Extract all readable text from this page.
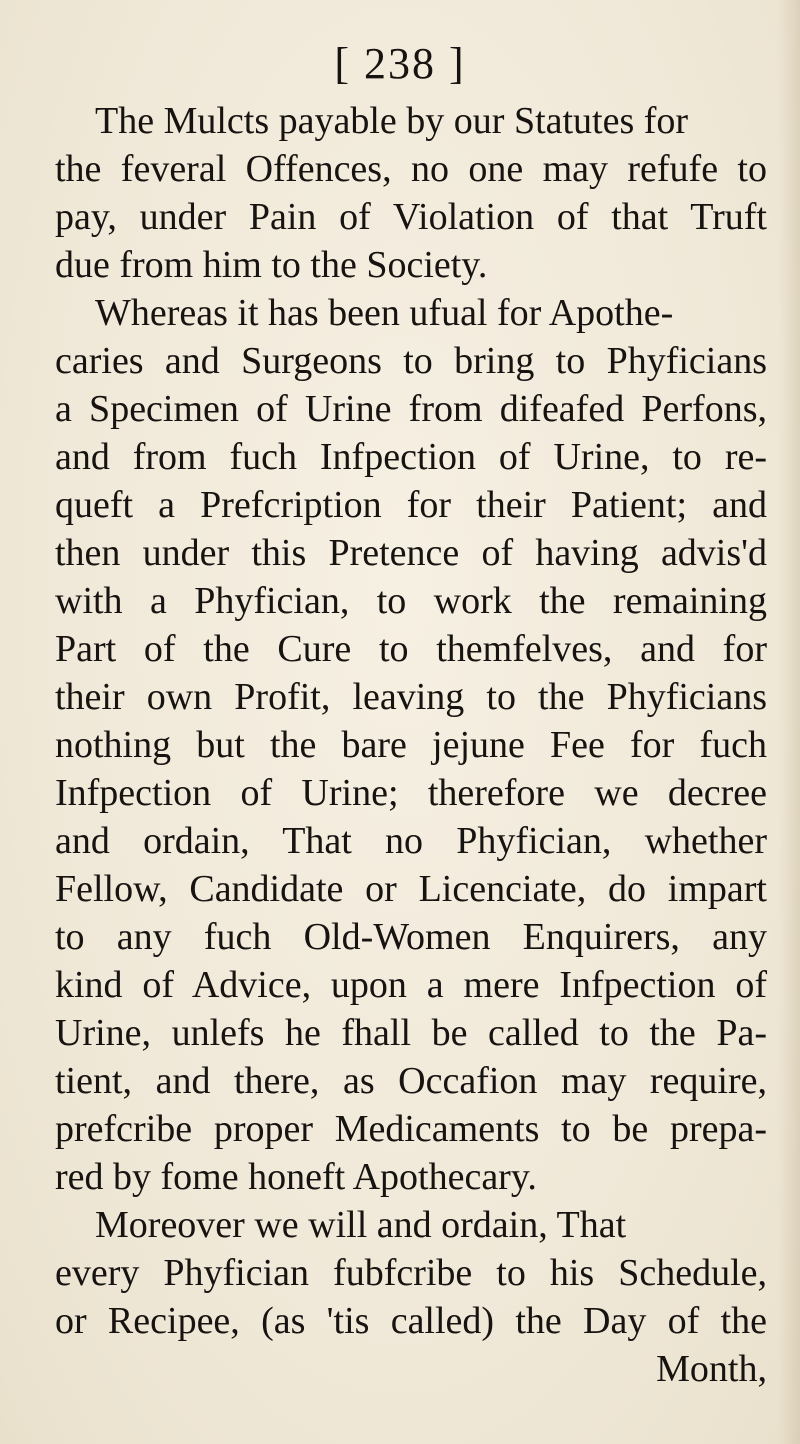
[ 238 ]
The Mulcts payable by our Statutes for
the feveral Offences, no one may refufe to
pay, under Pain of Violation of that Truft
due from him to the Society.
Whereas it has been ufual for Apothe-
caries and Surgeons to bring to Phyficians
a Specimen of Urine from difeafed Perfons,
and from fuch Infpection of Urine, to re-
queft a Prefcription for their Patient; and
then under this Pretence of having advis'd
with a Phyfician, to work the remaining
Part of the Cure to themfelves, and for
their own Profit, leaving to the Phyficians
nothing but the bare jejune Fee for fuch
Infpection of Urine; therefore we decree
and ordain, That no Phyfician, whether
Fellow, Candidate or Licenciate, do impart
to any fuch Old-Women Enquirers, any
kind of Advice, upon a mere Infpection of
Urine, unlefs he fhall be called to the Pa-
tient, and there, as Occafion may require,
prefcribe proper Medicaments to be prepa-
red by fome honeft Apothecary.
Moreover we will and ordain, That
every Phyfician fubfcribe to his Schedule,
or Recipee, (as 'tis called) the Day of the
Month,
